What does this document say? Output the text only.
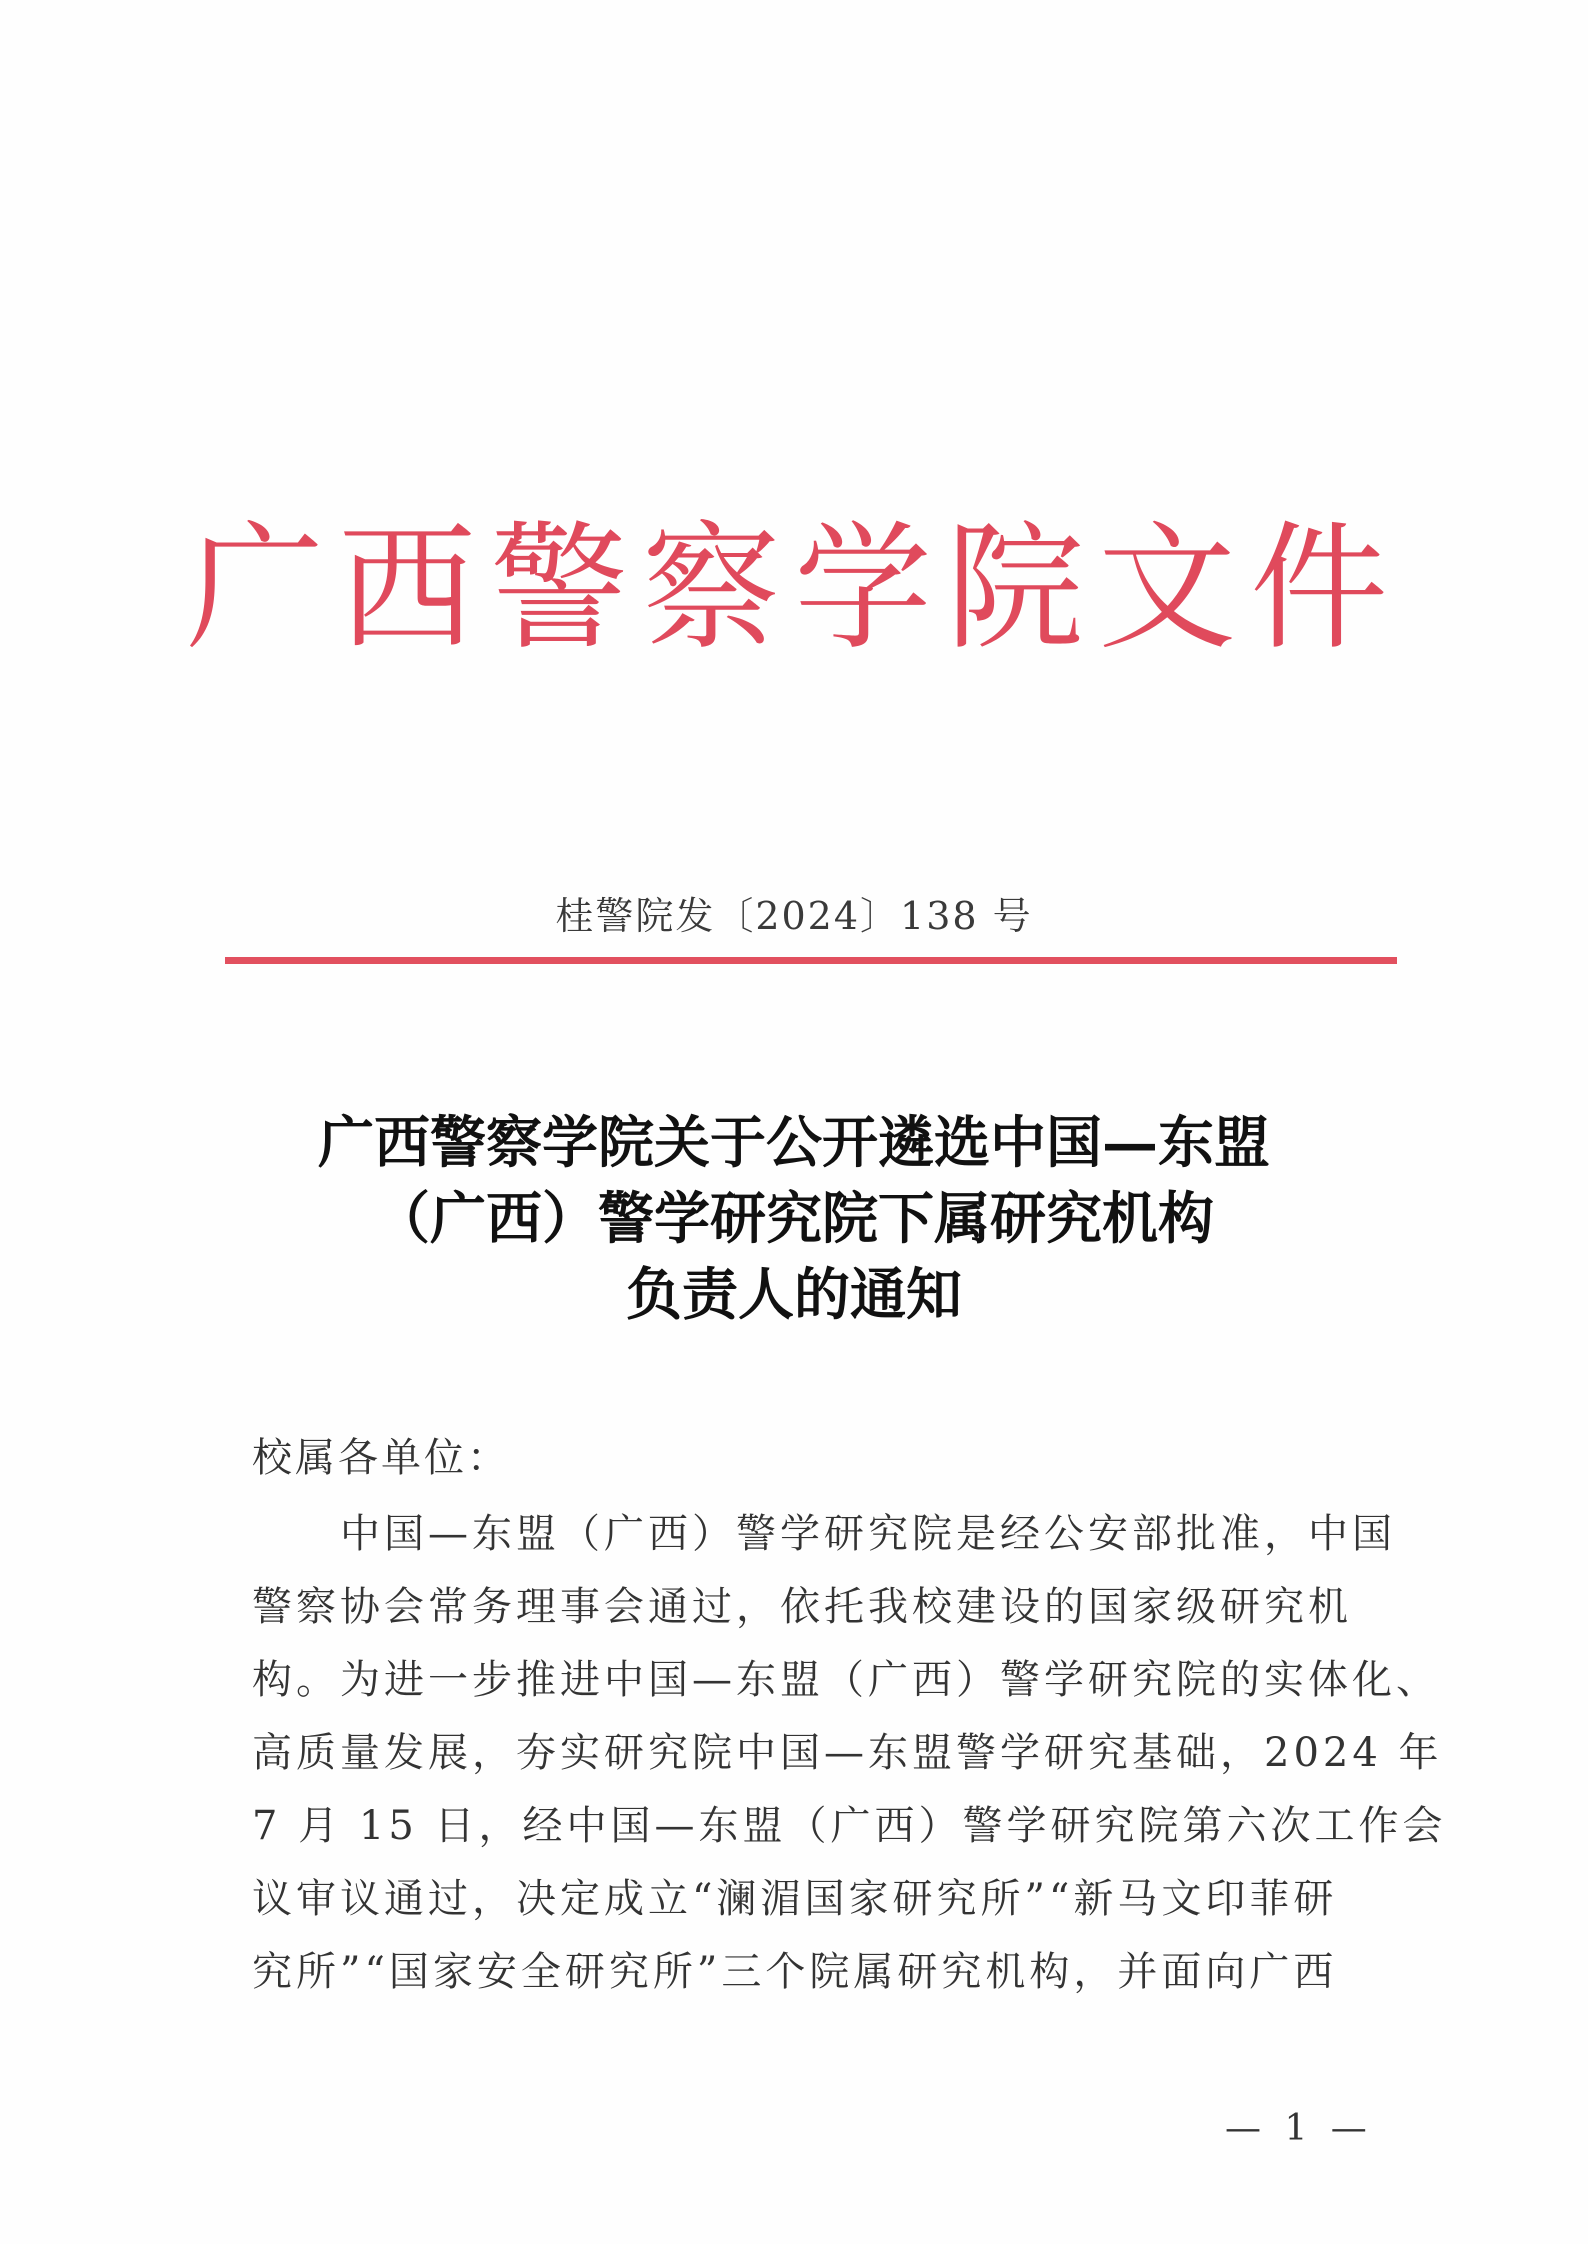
广西警察学院文件
桂警院发〔2024〕138 号
广西警察学院关于公开遴选中国—东盟
（广西）警学研究院下属研究机构
负责人的通知
校属各单位：
　　中国—东盟（广西）警学研究院是经公安部批准，中国
警察协会常务理事会通过，依托我校建设的国家级研究机
构。为进一步推进中国—东盟（广西）警学研究院的实体化、
高质量发展，夯实研究院中国—东盟警学研究基础，2024 年
7 月 15 日，经中国—东盟（广西）警学研究院第六次工作会
议审议通过，决定成立“澜湄国家研究所”“新马文印菲研
究所”“国家安全研究所”三个院属研究机构，并面向广西
— 1 —
